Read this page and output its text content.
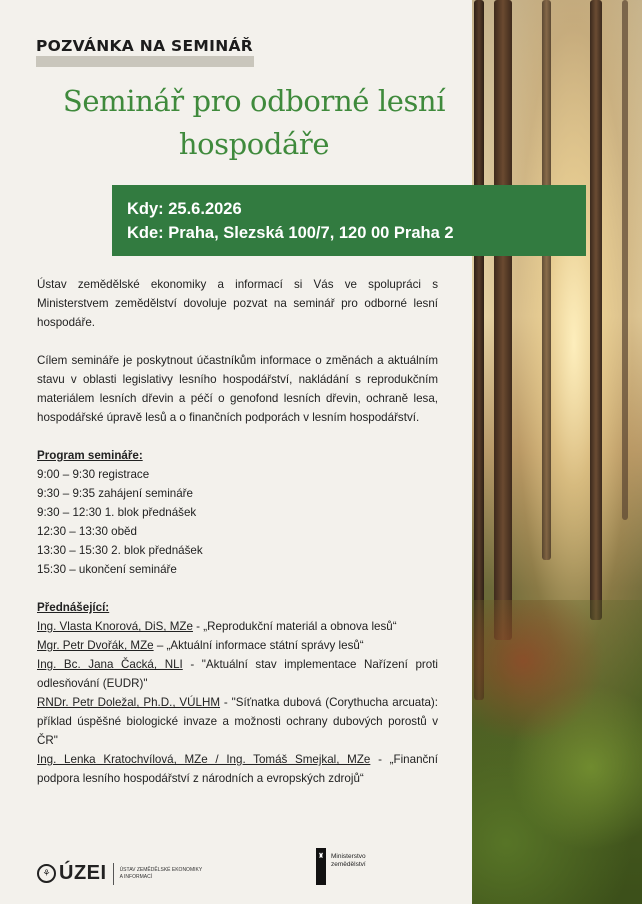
POZVÁNKA NA SEMINÁŘ
Seminář pro odborné lesní
hospodáře
Kdy: 25.6.2026
Kde: Praha, Slezská 100/7, 120 00 Praha 2

Ústav zemědělské ekonomiky a informací si Vás ve spolupráci s Ministerstvem zemědělství dovoluje pozvat na seminář pro odborné lesní hospodáře.

Cílem semináře je poskytnout účastníkům informace o změnách a aktuálním stavu v oblasti legislativy lesního hospodářství, nakládání s reprodukčním materiálem lesních dřevin a péčí o genofond lesních dřevin, ochraně lesa, hospodářské úpravě lesů a o finančních podporách v lesním hospodářství.

Program semináře:
9:00 – 9:30 registrace
9:30 – 9:35 zahájení semináře
9:30 – 12:30 1. blok přednášek
12:30 – 13:30 oběd
13:30 – 15:30 2. blok přednášek
15:30 – ukončení semináře
Přednášející:
Ing. Vlasta Knorová, DiS, MZe - „Reprodukční materiál a obnova lesů“
Mgr. Petr Dvořák, MZe – „Aktuální informace státní správy lesů“
Ing. Bc. Jana Čacká, NLI - "Aktuální stav implementace Nařízení proti odlesňování (EUDR)"
RNDr. Petr Doležal, Ph.D., VÚLHM - "Síťnatka dubová (Corythucha arcuata): příklad úspěšné biologické invaze a možnosti ochrany dubových porostů v ČR"
Ing. Lenka Kratochvílová, MZe / Ing. Tomáš Smejkal, MZe - „Finanční podpora lesního hospodářství z národních a evropských zdrojů“
⚘ ÚZEI	ÚSTAV ZEMĚDĚLSKÉ EKONOMIKY
A INFORMACÍ
♜ Ministerstvo
zemědělství
